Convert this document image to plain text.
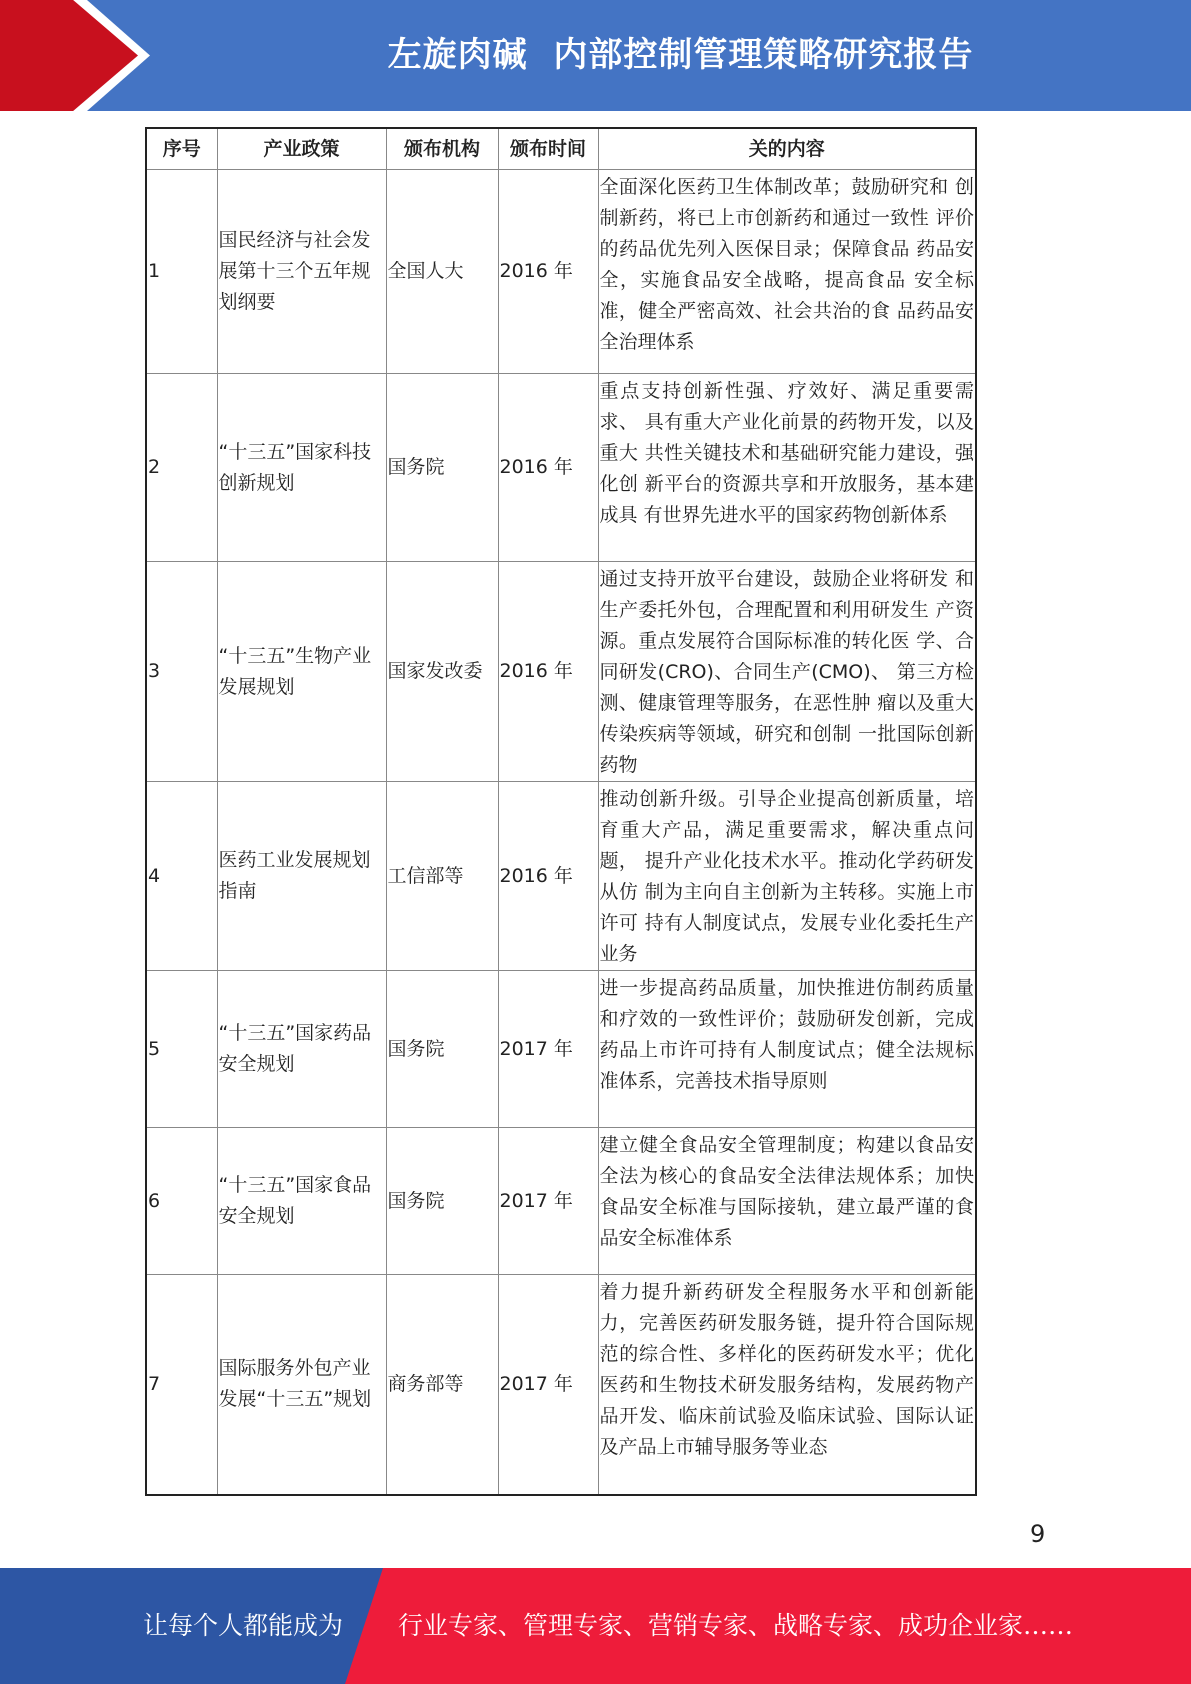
左旋肉碱  内部控制管理策略研究报告
序号	产业政策	颁布机构	颁布时间	关的内容
1	国民经济与社会发展第十三个五年规划纲要	全国人大	2016 年	全面深化医药卫生体制改革；鼓励研究和 创制新药，将已上市创新药和通过一致性 评价的药品优先列入医保目录；保障食品 药品安全，实施食品安全战略，提高食品 安全标准，健全严密高效、社会共治的食 品药品安全治理体系
2	“十三五”国家科技创新规划	国务院	2016 年	重点支持创新性强、疗效好、满足重要需求、 具有重大产业化前景的药物开发，以及重大 共性关键技术和基础研究能力建设，强化创 新平台的资源共享和开放服务，基本建成具 有世界先进水平的国家药物创新体系
3	“十三五”生物产业发展规划	国家发改委	2016 年	通过支持开放平台建设，鼓励企业将研发 和生产委托外包，合理配置和利用研发生 产资源。重点发展符合国际标准的转化医 学、合同研发(CRO)、合同生产(CMO)、 第三方检测、健康管理等服务，在恶性肿 瘤以及重大传染疾病等领域，研究和创制 一批国际创新药物
4	医药工业发展规划指南	工信部等	2016 年	推动创新升级。引导企业提高创新质量，培 育重大产品，满足重要需求，解决重点问题， 提升产业化技术水平。推动化学药研发从仿 制为主向自主创新为主转移。实施上市许可 持有人制度试点，发展专业化委托生产业务
5	“十三五”国家药品安全规划	国务院	2017 年	进一步提高药品质量，加快推进仿制药质量 和疗效的一致性评价；鼓励研发创新，完成 药品上市许可持有人制度试点；健全法规标 准体系，完善技术指导原则
6	“十三五”国家食品安全规划	国务院	2017 年	建立健全食品安全管理制度；构建以食品安 全法为核心的食品安全法律法规体系；加快 食品安全标准与国际接轨，建立最严谨的食 品安全标准体系
7	国际服务外包产业发展“十三五”规划	商务部等	2017 年	着力提升新药研发全程服务水平和创新能 力，完善医药研发服务链，提升符合国际规 范的综合性、多样化的医药研发水平；优化 医药和生物技术研发服务结构，发展药物产 品开发、临床前试验及临床试验、国际认证 及产品上市辅导服务等业态
9
让每个人都能成为 行业专家、管理专家、营销专家、战略专家、成功企业家……
